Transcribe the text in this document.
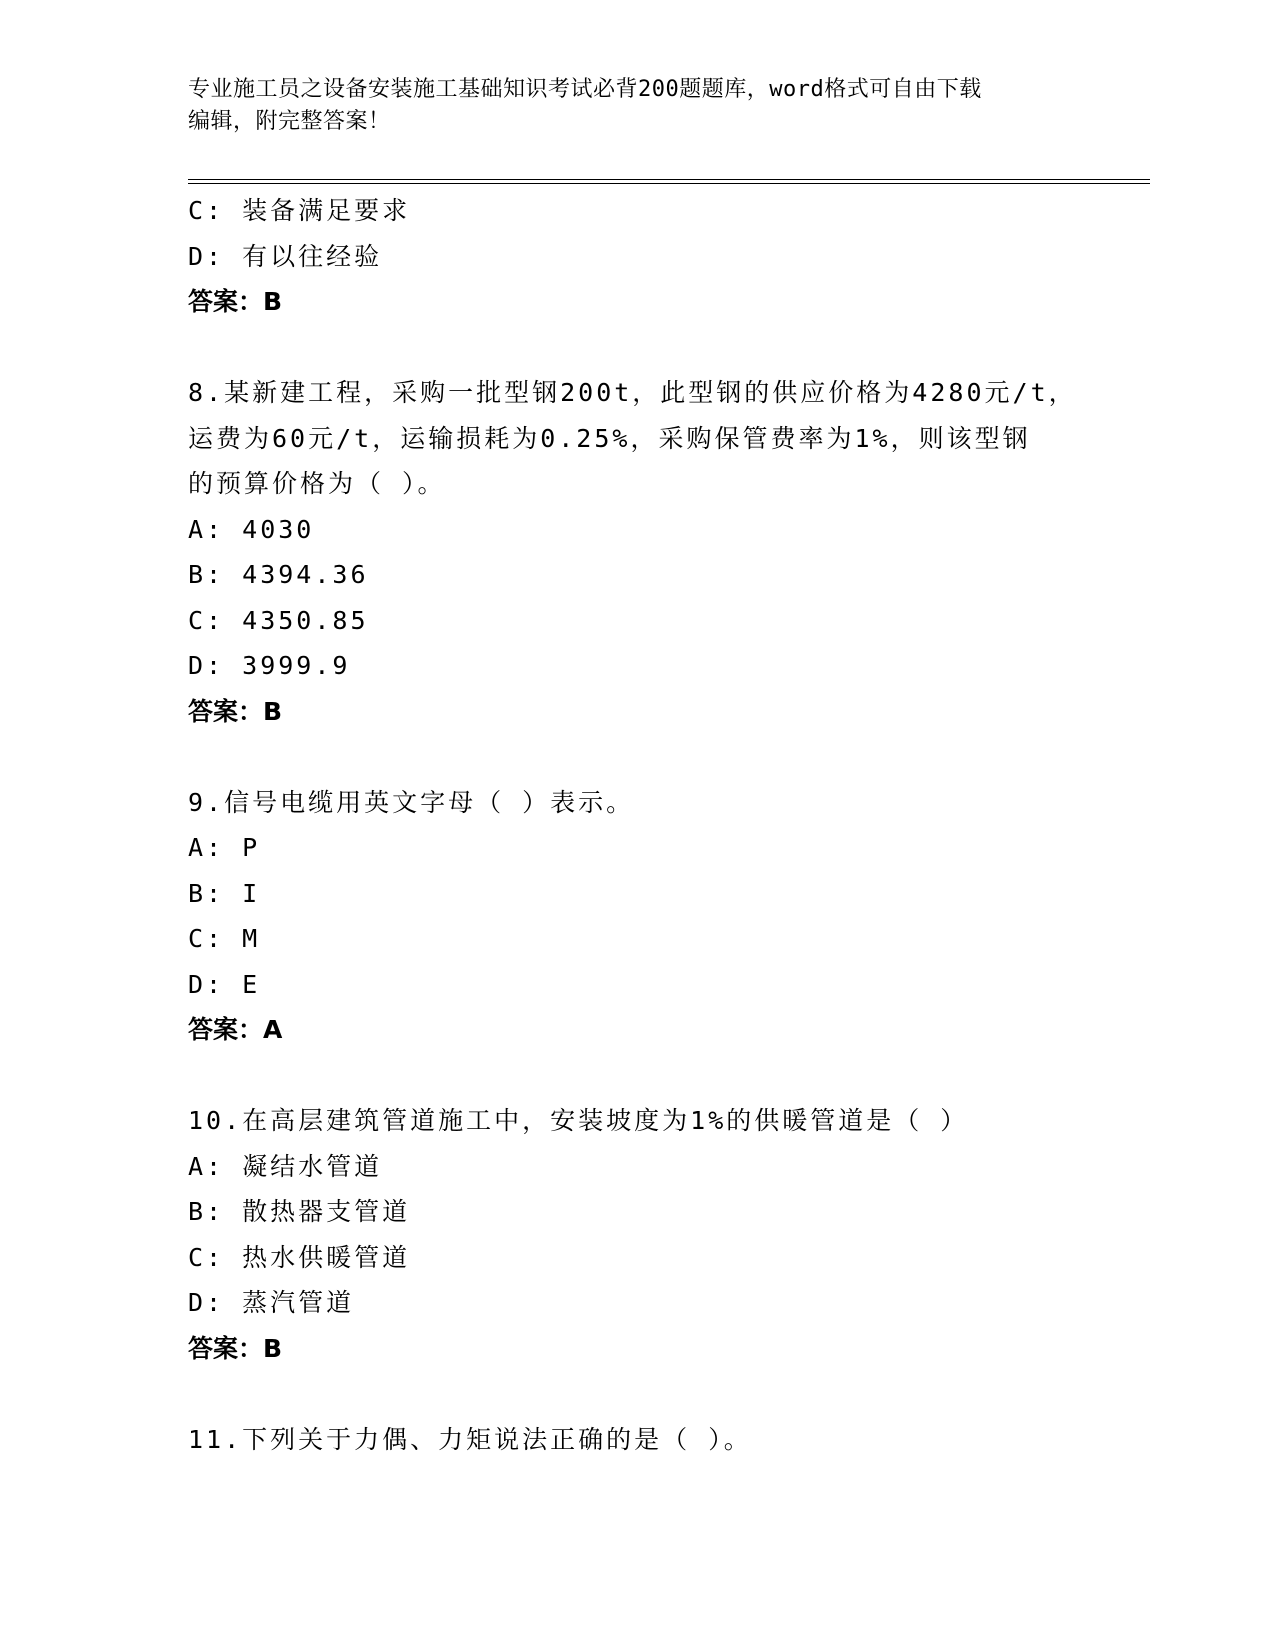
专业施工员之设备安装施工基础知识考试必背200题题库，word格式可自由下载
编辑，附完整答案！
C: 装备满足要求
D: 有以往经验
答案：B
8.某新建工程，采购一批型钢200t，此型钢的供应价格为4280元/t，
运费为60元/t，运输损耗为0.25%，采购保管费率为1%，则该型钢
的预算价格为（ ）。
A: 4030
B: 4394.36
C: 4350.85
D: 3999.9
答案：B
9.信号电缆用英文字母（ ）表示。
A: P
B: I
C: M
D: E
答案：A
10.在高层建筑管道施工中，安装坡度为1%的供暖管道是（ ）
A: 凝结水管道
B: 散热器支管道
C: 热水供暖管道
D: 蒸汽管道
答案：B
11.下列关于力偶、力矩说法正确的是（ ）。
